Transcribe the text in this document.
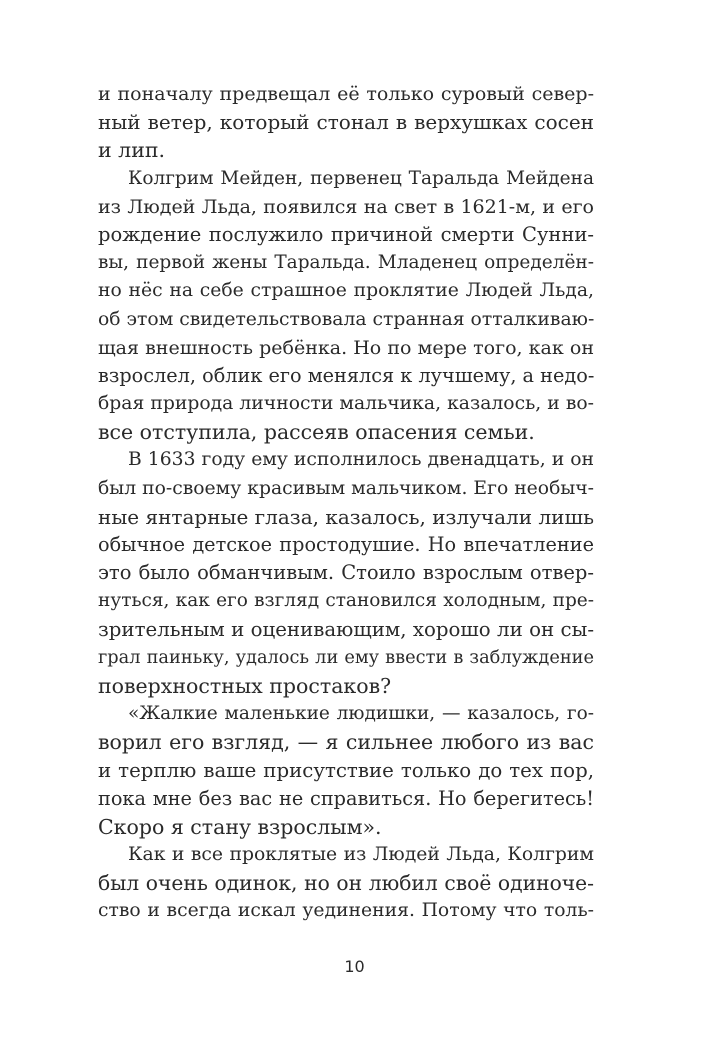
и поначалу предвещал её только суровый север-
ный ветер, который стонал в верхушках сосен
и лип.
Колгрим Мейден, первенец Таральда Мейдена
из Людей Льда, появился на свет в 1621-м, и его
рождение послужило причиной смерти Сунни-
вы, первой жены Таральда. Младенец определён-
но нёс на себе страшное проклятие Людей Льда,
об этом свидетельствовала странная отталкиваю-
щая внешность ребёнка. Но по мере того, как он
взрослел, облик его менялся к лучшему, а недо-
брая природа личности мальчика, казалось, и во-
все отступила, рассеяв опасения семьи.
В 1633 году ему исполнилось двенадцать, и он
был по-своему красивым мальчиком. Его необыч-
ные янтарные глаза, казалось, излучали лишь
обычное детское простодушие. Но впечатление
это было обманчивым. Стоило взрослым отвер-
нуться, как его взгляд становился холодным, пре-
зрительным и оценивающим, хорошо ли он сы-
грал паиньку, удалось ли ему ввести в заблуждение
поверхностных простаков?
«Жалкие маленькие людишки, — казалось, го-
ворил его взгляд, — я сильнее любого из вас
и терплю ваше присутствие только до тех пор,
пока мне без вас не справиться. Но берегитесь!
Скоро я стану взрослым».
Как и все проклятые из Людей Льда, Колгрим
был очень одинок, но он любил своё одиноче-
ство и всегда искал уединения. Потому что толь-
10
